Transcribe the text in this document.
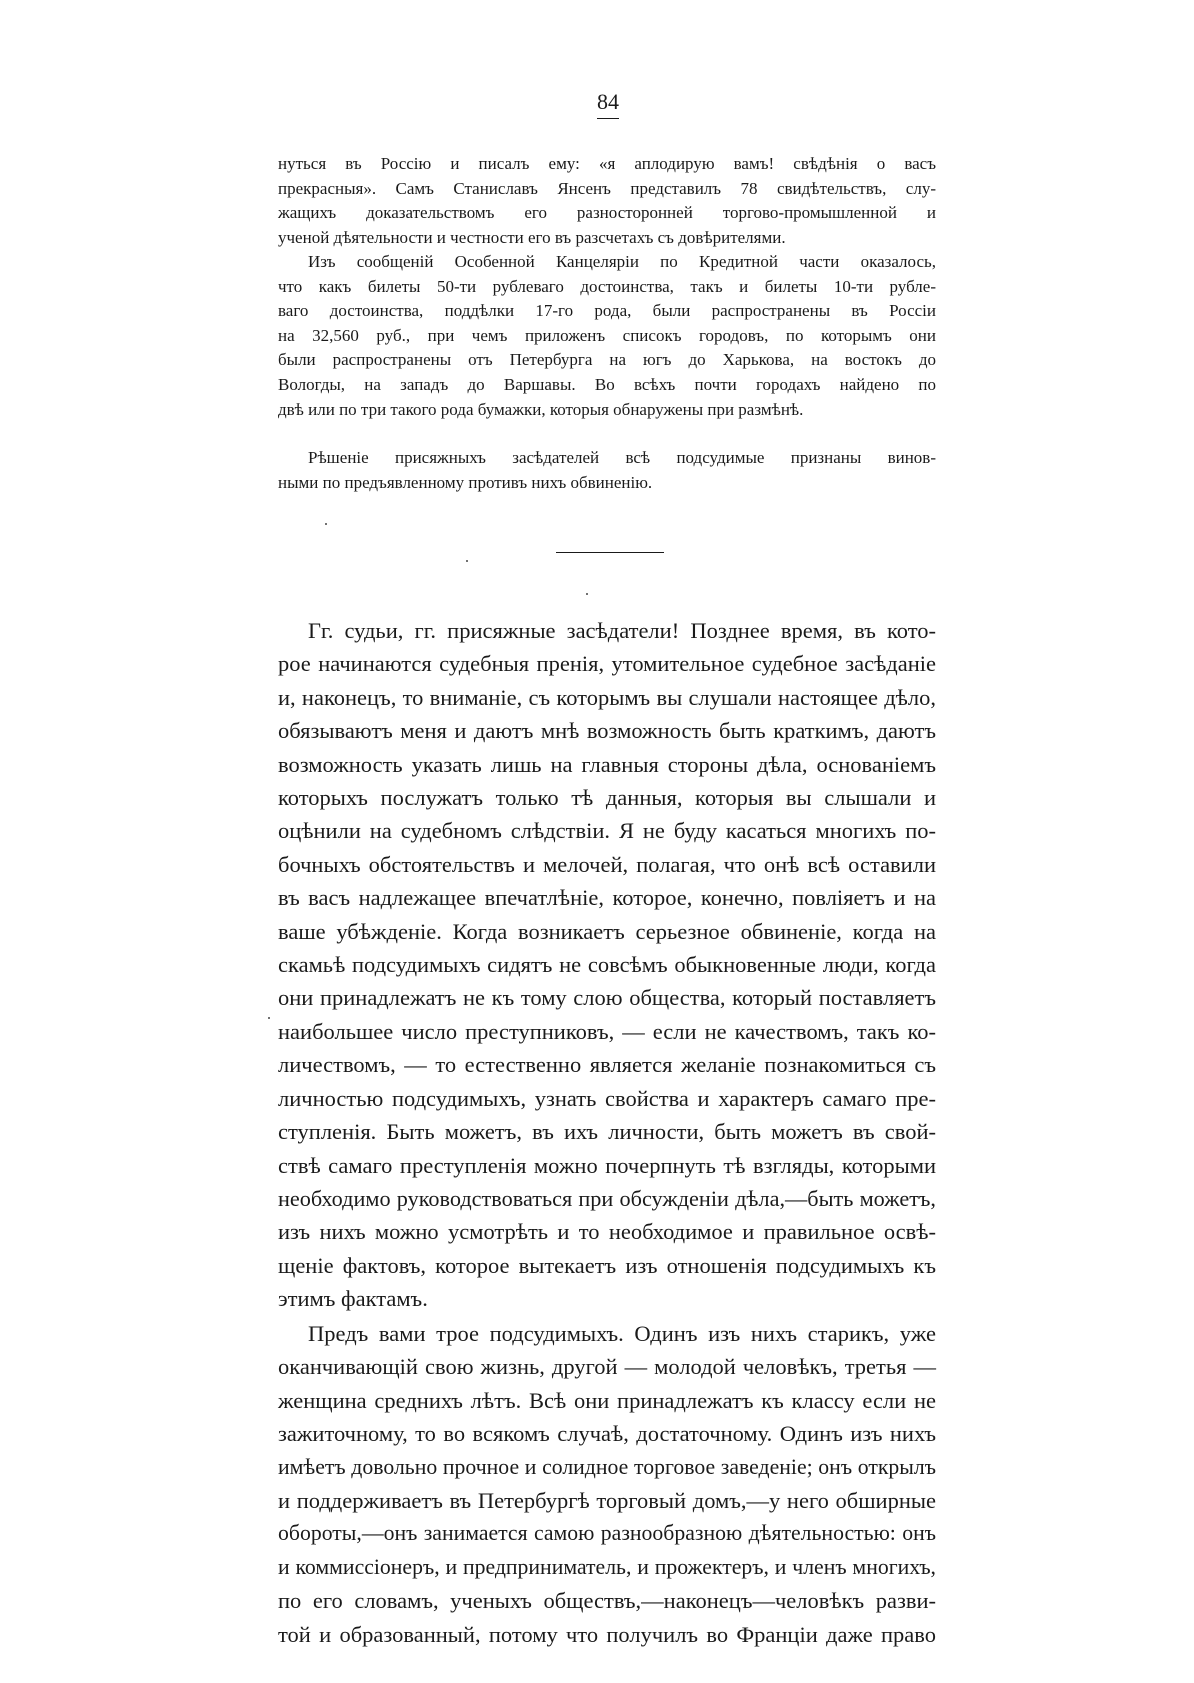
84
нуться въ Россію и писалъ ему: «я аплодирую вамъ! свѣдѣнія о васъ
прекрасныя». Самъ Станиславъ Янсенъ представилъ 78 свидѣтельствъ, слу-
жащихъ доказательствомъ его разносторонней торгово-промышленной и
ученой дѣятельности и честности его въ разсчетахъ съ довѣрителями.
Изъ сообщеній Особенной Канцеляріи по Кредитной части оказалось,
что какъ билеты 50-ти рублеваго достоинства, такъ и билеты 10-ти рубле-
ваго достоинства, поддѣлки 17-го рода, были распространены въ Россіи
на 32,560 руб., при чемъ приложенъ списокъ городовъ, по которымъ они
были распространены отъ Петербурга на югъ до Харькова, на востокъ до
Вологды, на западъ до Варшавы. Во всѣхъ почти городахъ найдено по
двѣ или по три такого рода бумажки, которыя обнаружены при размѣнѣ.
Рѣшеніе присяжныхъ засѣдателей всѣ подсудимые признаны винов-
ными по предъявленному противъ нихъ обвиненію.
Гг. судьи, гг. присяжные засѣдатели! Позднее время, въ кото-
рое начинаются судебныя пренія, утомительное судебное засѣданіе
и, наконецъ, то вниманіе, съ которымъ вы слушали настоящее дѣло,
обязываютъ меня и даютъ мнѣ возможность быть краткимъ, даютъ
возможность указать лишь на главныя стороны дѣла, основаніемъ
которыхъ послужатъ только тѣ данныя, которыя вы слышали и
оцѣнили на судебномъ слѣдствіи. Я не буду касаться многихъ по-
бочныхъ обстоятельствъ и мелочей, полагая, что онѣ всѣ оставили
въ васъ надлежащее впечатлѣніе, которое, конечно, повліяетъ и на
ваше убѣжденіе. Когда возникаетъ серьезное обвиненіе, когда на
скамьѣ подсудимыхъ сидятъ не совсѣмъ обыкновенные люди, когда
они принадлежатъ не къ тому слою общества, который поставляетъ
наибольшее число преступниковъ, — если не качествомъ, такъ ко-
личествомъ, — то естественно является желаніе познакомиться съ
личностью подсудимыхъ, узнать свойства и характеръ самаго пре-
ступленія. Быть можетъ, въ ихъ личности, быть можетъ въ свой-
ствѣ самаго преступленія можно почерпнуть тѣ взгляды, которыми
необходимо руководствоваться при обсужденіи дѣла,—быть можетъ,
изъ нихъ можно усмотрѣть и то необходимое и правильное освѣ-
щеніе фактовъ, которое вытекаетъ изъ отношенія подсудимыхъ къ
этимъ фактамъ.
Предъ вами трое подсудимыхъ. Одинъ изъ нихъ старикъ, уже
оканчивающій свою жизнь, другой — молодой человѣкъ, третья —
женщина среднихъ лѣтъ. Всѣ они принадлежатъ къ классу если не
зажиточному, то во всякомъ случаѣ, достаточному. Одинъ изъ нихъ
имѣетъ довольно прочное и солидное торговое заведеніе; онъ открылъ
и поддерживаетъ въ Петербургѣ торговый домъ,—у него обширные
обороты,—онъ занимается самою разнообразною дѣятельностью: онъ
и коммиссіонеръ, и предприниматель, и прожектеръ, и членъ многихъ,
по его словамъ, ученыхъ обществъ,—наконецъ—человѣкъ разви-
той и образованный, потому что получилъ во Франціи даже право
